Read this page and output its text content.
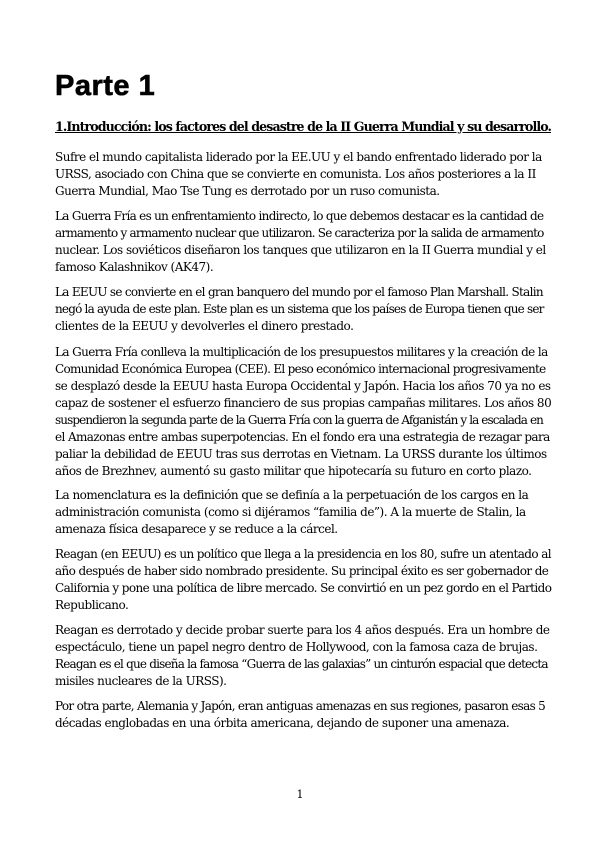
Parte 1
1.Introducción: los factores del desastre de la II Guerra Mundial y su desarrollo.
Sufre el mundo capitalista liderado por la EE.UU y el bando enfrentado liderado por la
URSS, asociado con China que se convierte en comunista. Los años posteriores a la II
Guerra Mundial, Mao Tse Tung es derrotado por un ruso comunista.
La Guerra Fría es un enfrentamiento indirecto, lo que debemos destacar es la cantidad de
armamento y armamento nuclear que utilizaron. Se caracteriza por la salida de armamento
nuclear. Los soviéticos diseñaron los tanques que utilizaron en la II Guerra mundial y el
famoso Kalashnikov (AK47).
La EEUU se convierte en el gran banquero del mundo por el famoso Plan Marshall. Stalin
negó la ayuda de este plan. Este plan es un sistema que los países de Europa tienen que ser
clientes de la EEUU y devolverles el dinero prestado.
La Guerra Fría conlleva la multiplicación de los presupuestos militares y la creación de la
Comunidad Económica Europea (CEE). El peso económico internacional progresivamente
se desplazó desde la EEUU hasta Europa Occidental y Japón. Hacia los años 70 ya no es
capaz de sostener el esfuerzo financiero de sus propias campañas militares. Los años 80
suspendieron la segunda parte de la Guerra Fría con la guerra de Afganistán y la escalada en
el Amazonas entre ambas superpotencias. En el fondo era una estrategia de rezagar para
paliar la debilidad de EEUU tras sus derrotas en Vietnam. La URSS durante los últimos
años de Brezhnev, aumentó su gasto militar que hipotecaría su futuro en corto plazo.
La nomenclatura es la definición que se definía a la perpetuación de los cargos en la
administración comunista (como si dijéramos “familia de”). A la muerte de Stalin, la
amenaza física desaparece y se reduce a la cárcel.
Reagan (en EEUU) es un político que llega a la presidencia en los 80, sufre un atentado al
año después de haber sido nombrado presidente. Su principal éxito es ser gobernador de
California y pone una política de libre mercado. Se convirtió en un pez gordo en el Partido
Republicano.
Reagan es derrotado y decide probar suerte para los 4 años después. Era un hombre de
espectáculo, tiene un papel negro dentro de Hollywood, con la famosa caza de brujas.
Reagan es el que diseña la famosa “Guerra de las galaxias” un cinturón espacial que detecta
misiles nucleares de la URSS).
Por otra parte, Alemania y Japón, eran antiguas amenazas en sus regiones, pasaron esas 5
décadas englobadas en una órbita americana, dejando de suponer una amenaza.
1
